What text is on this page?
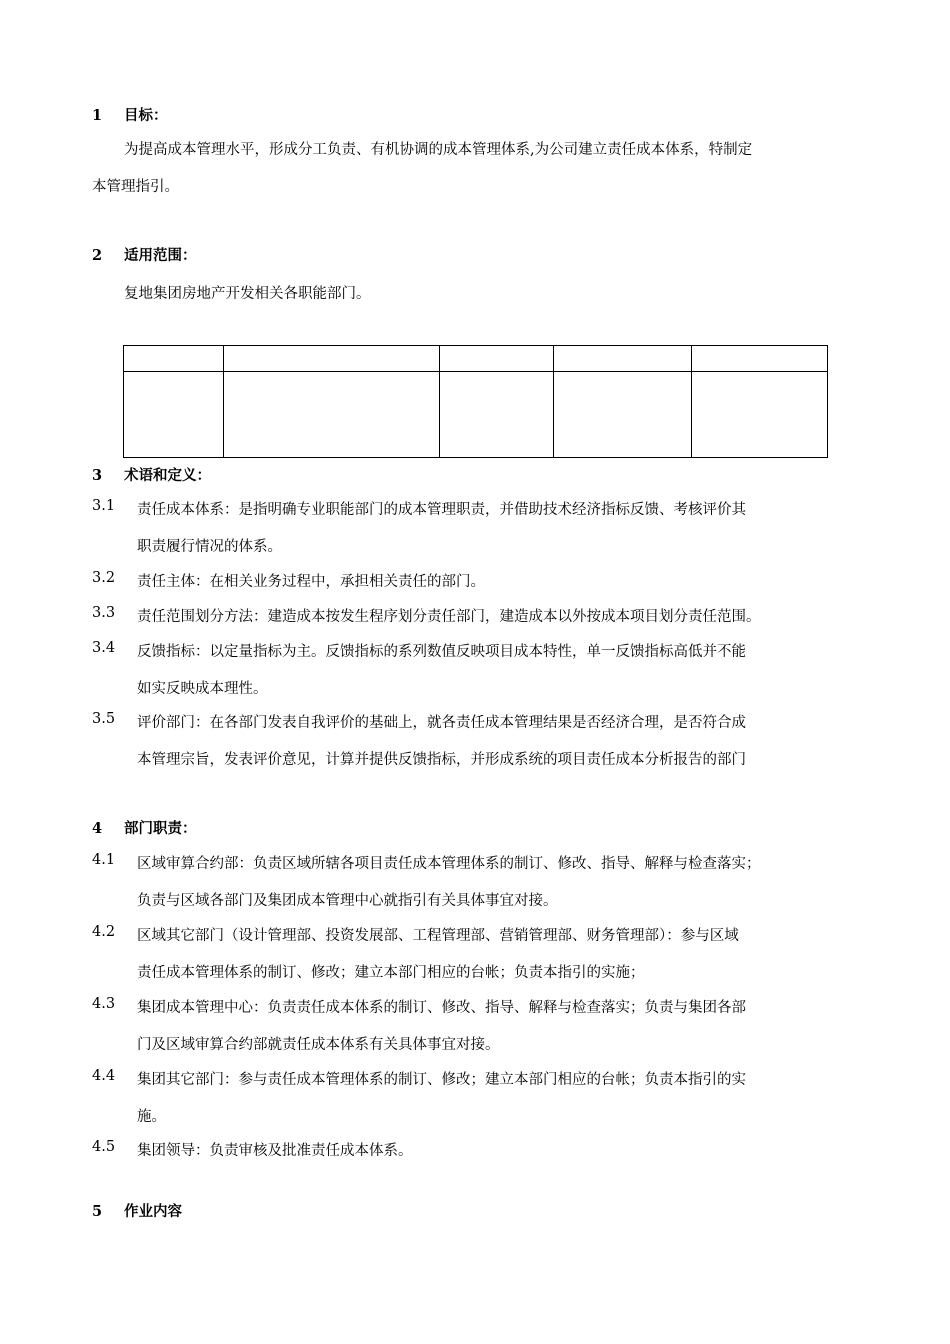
1 目标：
为提高成本管理水平，形成分工负责、有机协调的成本管理体系,为公司建立责任成本体系，特制定
本管理指引。
2 适用范围：
复地集团房地产开发相关各职能部门。

3 术语和定义：
3.1 责任成本体系：是指明确专业职能部门的成本管理职责，并借助技术经济指标反馈、考核评价其
职责履行情况的体系。
3.2 责任主体：在相关业务过程中，承担相关责任的部门。
3.3 责任范围划分方法：建造成本按发生程序划分责任部门，建造成本以外按成本项目划分责任范围。
3.4 反馈指标：以定量指标为主。反馈指标的系列数值反映项目成本特性，单一反馈指标高低并不能
如实反映成本理性。
3.5 评价部门：在各部门发表自我评价的基础上，就各责任成本管理结果是否经济合理，是否符合成
本管理宗旨，发表评价意见，计算并提供反馈指标，并形成系统的项目责任成本分析报告的部门
4 部门职责：
4.1 区域审算合约部：负责区域所辖各项目责任成本管理体系的制订、修改、指导、解释与检查落实；
负责与区域各部门及集团成本管理中心就指引有关具体事宜对接。
4.2 区域其它部门（设计管理部、投资发展部、工程管理部、营销管理部、财务管理部）：参与区域
责任成本管理体系的制订、修改；建立本部门相应的台帐；负责本指引的实施；
4.3 集团成本管理中心：负责责任成本体系的制订、修改、指导、解释与检查落实；负责与集团各部
门及区域审算合约部就责任成本体系有关具体事宜对接。
4.4 集团其它部门：参与责任成本管理体系的制订、修改；建立本部门相应的台帐；负责本指引的实
施。
4.5 集团领导：负责审核及批准责任成本体系。
5 作业内容
